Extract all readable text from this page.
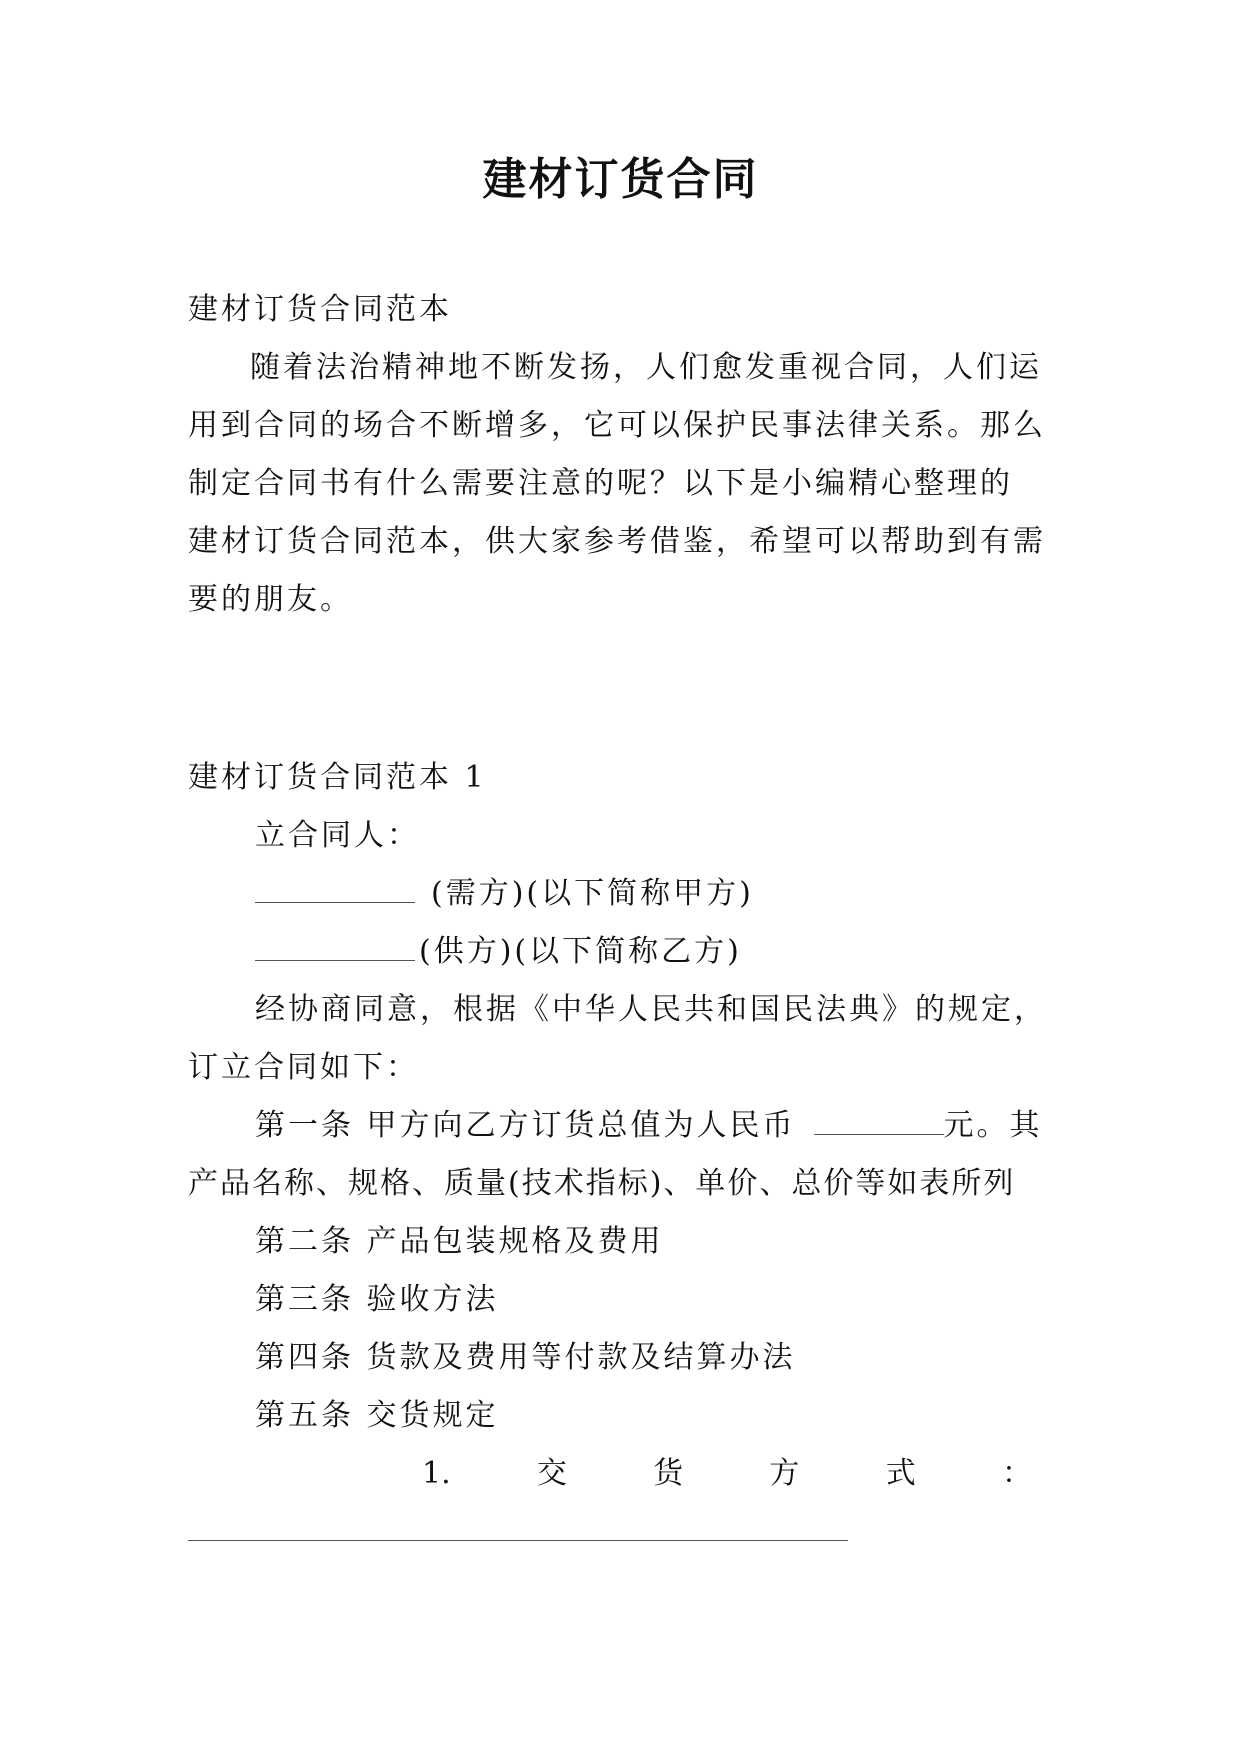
建材订货合同
建材订货合同范本
随着法治精神地不断发扬，人们愈发重视合同，人们运
用到合同的场合不断增多，它可以保护民事法律关系。那么
制定合同书有什么需要注意的呢？以下是小编精心整理的
建材订货合同范本，供大家参考借鉴，希望可以帮助到有需
要的朋友。
建材订货合同范本 1
立合同人：
(需方)(以下简称甲方)
(供方)(以下简称乙方)
经协商同意，根据《中华人民共和国民法典》的规定，
订立合同如下：
第一条 甲方向乙方订货总值为人民币	元。其
产品名称、规格、质量(技术指标)、单价、总价等如表所列
第二条 产品包装规格及费用
第三条 验收方法
第四条 货款及费用等付款及结算办法
第五条 交货规定
1.	交	货	方	式	：
